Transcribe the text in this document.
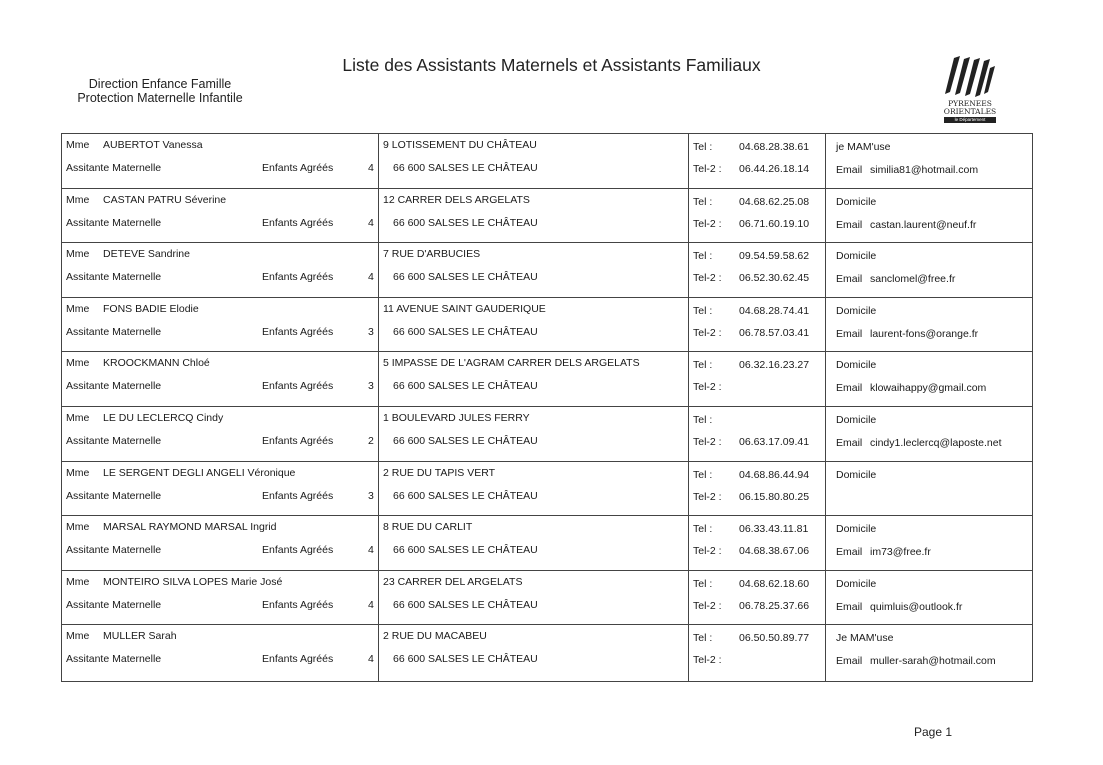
Liste des Assistants Maternels et Assistants Familiaux
Direction Enfance Famille
Protection Maternelle Infantile	PYRENEES
ORIENTALES
le Département
Mme AUBERTOT Vanessa
Assitante Maternelle	Enfants Agréés	4
9 LOTISSEMENT DU CHÂTEAU
66 600 SALSES LE CHÂTEAU
Tel :	04.68.28.38.61
Tel-2 : 06.44.26.18.14
je MAM'use
Email similia81@hotmail.com
Mme CASTAN PATRU Séverine
Assitante Maternelle	Enfants Agréés	4
12 CARRER DELS ARGELATS
66 600 SALSES LE CHÂTEAU
Tel :	04.68.62.25.08
Tel-2 : 06.71.60.19.10
Domicile
Email castan.laurent@neuf.fr
Mme DETEVE Sandrine
Assitante Maternelle	Enfants Agréés	4
7 RUE D'ARBUCIES
66 600 SALSES LE CHÂTEAU
Tel :	09.54.59.58.62
Tel-2 : 06.52.30.62.45
Domicile
Email sanclomel@free.fr
Mme FONS BADIE Elodie
Assitante Maternelle	Enfants Agréés	3
11 AVENUE SAINT GAUDERIQUE
66 600 SALSES LE CHÂTEAU
Tel :	04.68.28.74.41
Tel-2 : 06.78.57.03.41
Domicile
Email laurent-fons@orange.fr
Mme KROOCKMANN Chloé
Assitante Maternelle	Enfants Agréés	3
5 IMPASSE DE L'AGRAM CARRER DELS ARGELATS
66 600 SALSES LE CHÂTEAU
Tel :	06.32.16.23.27
Tel-2 :
Domicile
Email klowaihappy@gmail.com
Mme LE DU LECLERCQ Cindy
Assitante Maternelle	Enfants Agréés	2
1 BOULEVARD JULES FERRY
66 600 SALSES LE CHÂTEAU
Tel :
Tel-2 : 06.63.17.09.41
Domicile
Email cindy1.leclercq@laposte.net
Mme LE SERGENT DEGLI ANGELI Véronique
Assitante Maternelle	Enfants Agréés	3
2 RUE DU TAPIS VERT
66 600 SALSES LE CHÂTEAU
Tel :	04.68.86.44.94
Tel-2 : 06.15.80.80.25
Domicile
Mme MARSAL RAYMOND MARSAL Ingrid
Assitante Maternelle	Enfants Agréés	4
8 RUE DU CARLIT
66 600 SALSES LE CHÂTEAU
Tel :	06.33.43.11.81
Tel-2 : 04.68.38.67.06
Domicile
Email im73@free.fr
Mme MONTEIRO SILVA LOPES Marie José
Assitante Maternelle	Enfants Agréés	4
23 CARRER DEL ARGELATS
66 600 SALSES LE CHÂTEAU
Tel :	04.68.62.18.60
Tel-2 : 06.78.25.37.66
Domicile
Email quimluis@outlook.fr
Mme MULLER Sarah
Assitante Maternelle	Enfants Agréés	4
2 RUE DU MACABEU
66 600 SALSES LE CHÂTEAU
Tel :	06.50.50.89.77
Tel-2 :
Je MAM'use
Email muller-sarah@hotmail.com
Page 1
